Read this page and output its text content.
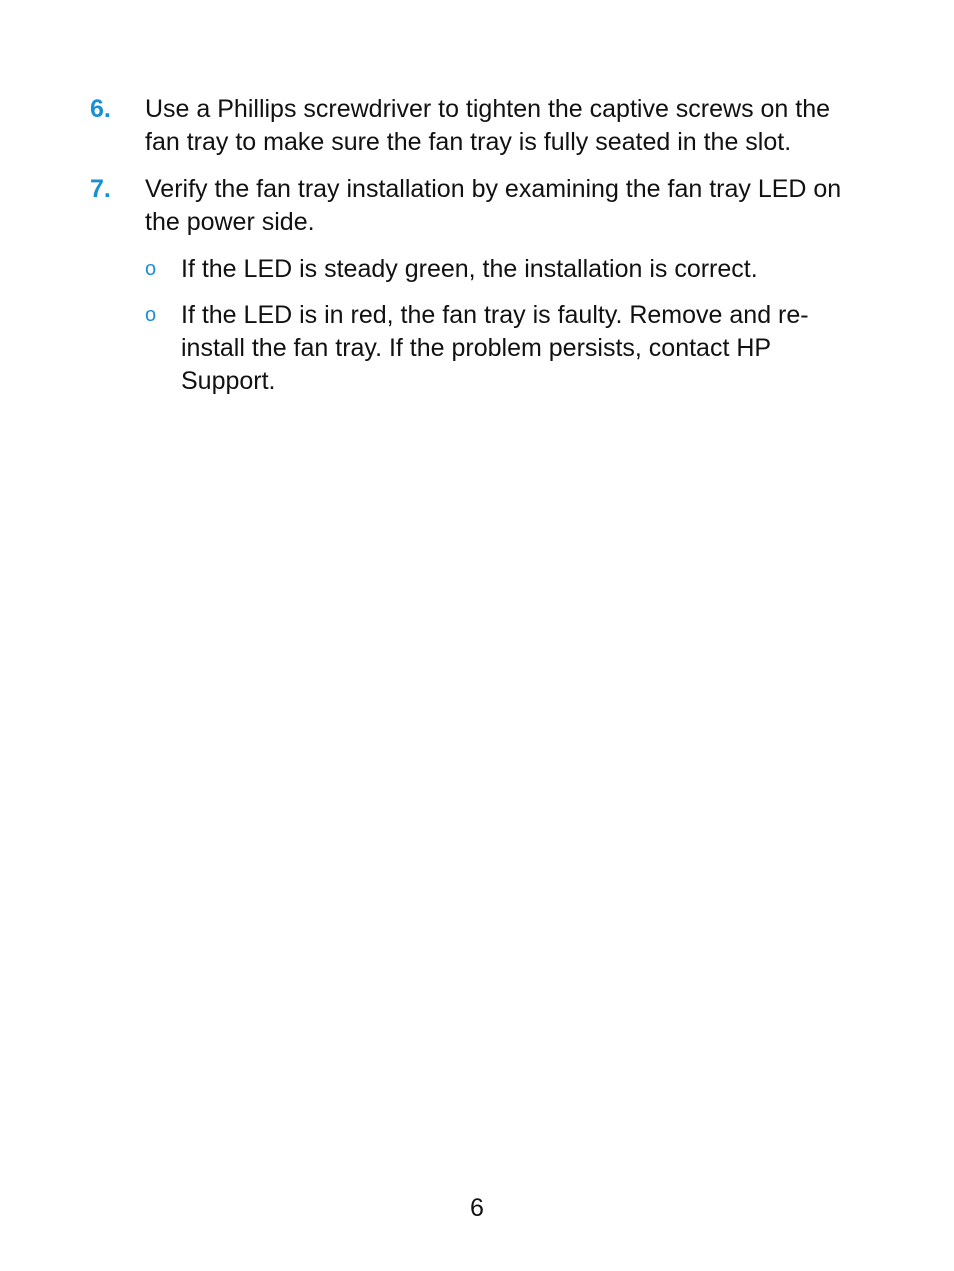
6.	Use a Phillips screwdriver to tighten the captive screws on the fan tray to make sure the fan tray is fully seated in the slot.
7.	Verify the fan tray installation by examining the fan tray LED on the power side.
o If the LED is steady green, the installation is correct.
o If the LED is in red, the fan tray is faulty. Remove and re-install the fan tray. If the problem persists, contact HP Support.
6
